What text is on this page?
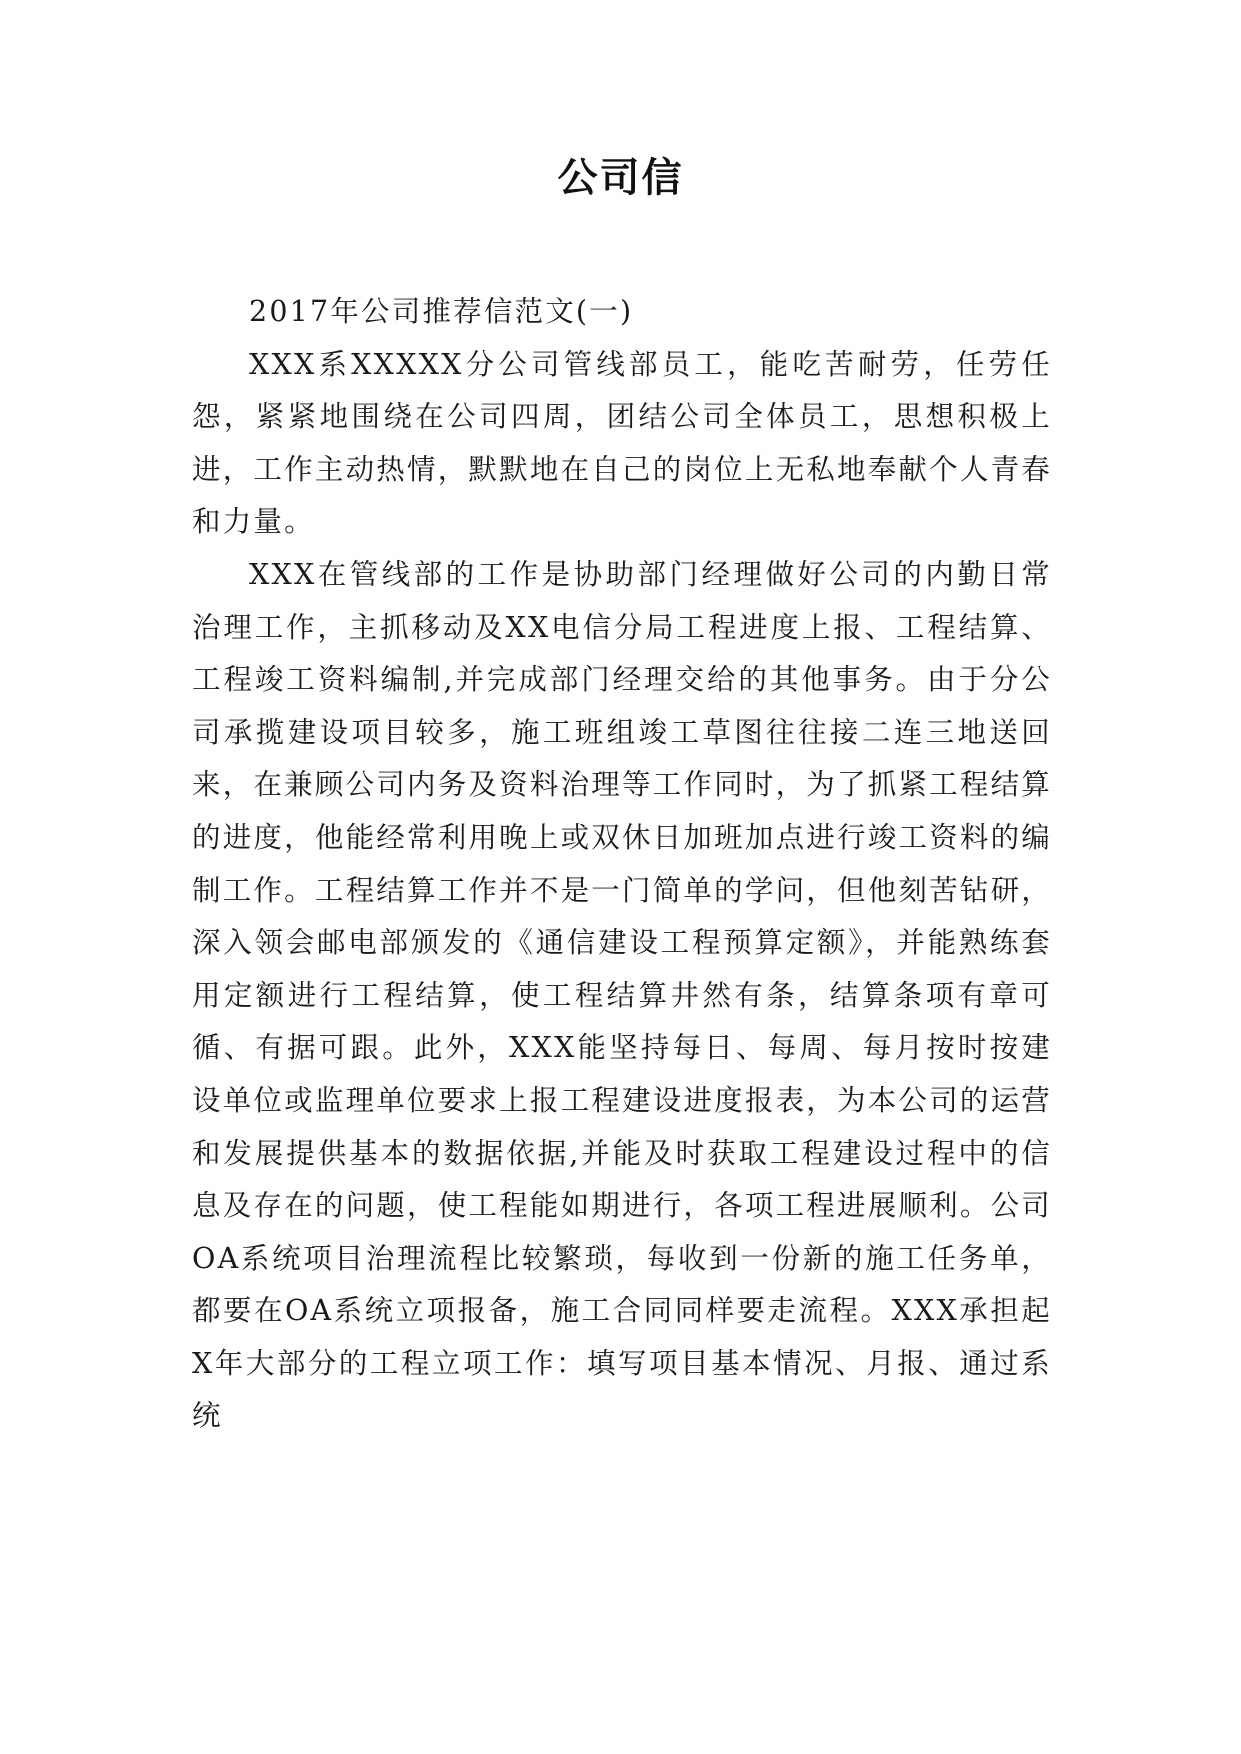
公司信

2017年公司推荐信范文(一)

XXX系XXXXX分公司管线部员工，能吃苦耐劳，任劳任怨，紧紧地围绕在公司四周，团结公司全体员工，思想积极上进，工作主动热情，默默地在自己的岗位上无私地奉献个人青春和力量。

XXX在管线部的工作是协助部门经理做好公司的内勤日常治理工作，主抓移动及XX电信分局工程进度上报、工程结算、工程竣工资料编制,并完成部门经理交给的其他事务。由于分公司承揽建设项目较多，施工班组竣工草图往往接二连三地送回来，在兼顾公司内务及资料治理等工作同时，为了抓紧工程结算的进度，他能经常利用晚上或双休日加班加点进行竣工资料的编制工作。工程结算工作并不是一门简单的学问，但他刻苦钻研，深入领会邮电部颁发的《通信建设工程预算定额》，并能熟练套用定额进行工程结算，使工程结算井然有条，结算条项有章可循、有据可跟。此外，XXX能坚持每日、每周、每月按时按建设单位或监理单位要求上报工程建设进度报表，为本公司的运营和发展提供基本的数据依据,并能及时获取工程建设过程中的信息及存在的问题，使工程能如期进行，各项工程进展顺利。公司OA系统项目治理流程比较繁琐，每收到一份新的施工任务单，都要在OA系统立项报备，施工合同同样要走流程。XXX承担起X年大部分的工程立项工作：填写项目基本情况、月报、通过系统
